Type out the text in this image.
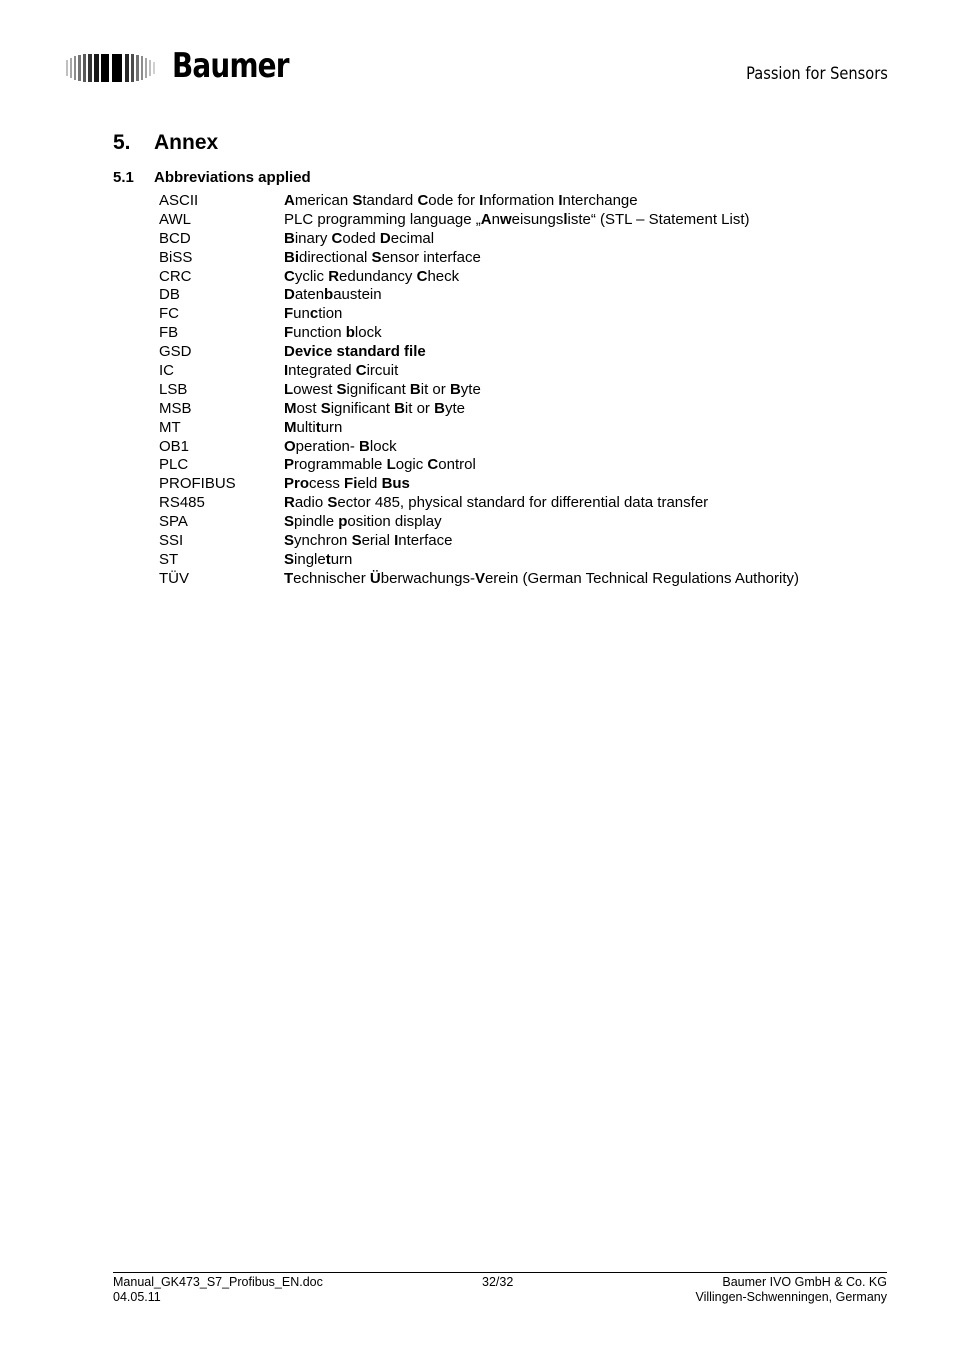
Baumer	Passion for Sensors
5. Annex
5.1 Abbreviations applied
ASCII	American Standard Code for Information Interchange
AWL	PLC programming language „Anweisungsliste“ (STL – Statement List)
BCD	Binary Coded Decimal
BiSS	Bidirectional Sensor interface
CRC	Cyclic Redundancy Check
DB	Datenbaustein
FC	Function
FB	Function block
GSD	Device standard file
IC	Integrated Circuit
LSB	Lowest Significant Bit or Byte
MSB	Most Significant Bit or Byte
MT	Multiturn
OB1	Operation- Block
PLC	Programmable Logic Control
PROFIBUS	Process Field Bus
RS485	Radio Sector 485, physical standard for differential data transfer
SPA	Spindle position display
SSI	Synchron Serial Interface
ST	Singleturn
TÜV	Technischer Überwachungs-Verein (German Technical Regulations Authority)
Manual_GK473_S7_Profibus_EN.doc
04.05.11
32/32	Baumer IVO GmbH & Co. KG
Villingen-Schwenningen, Germany
